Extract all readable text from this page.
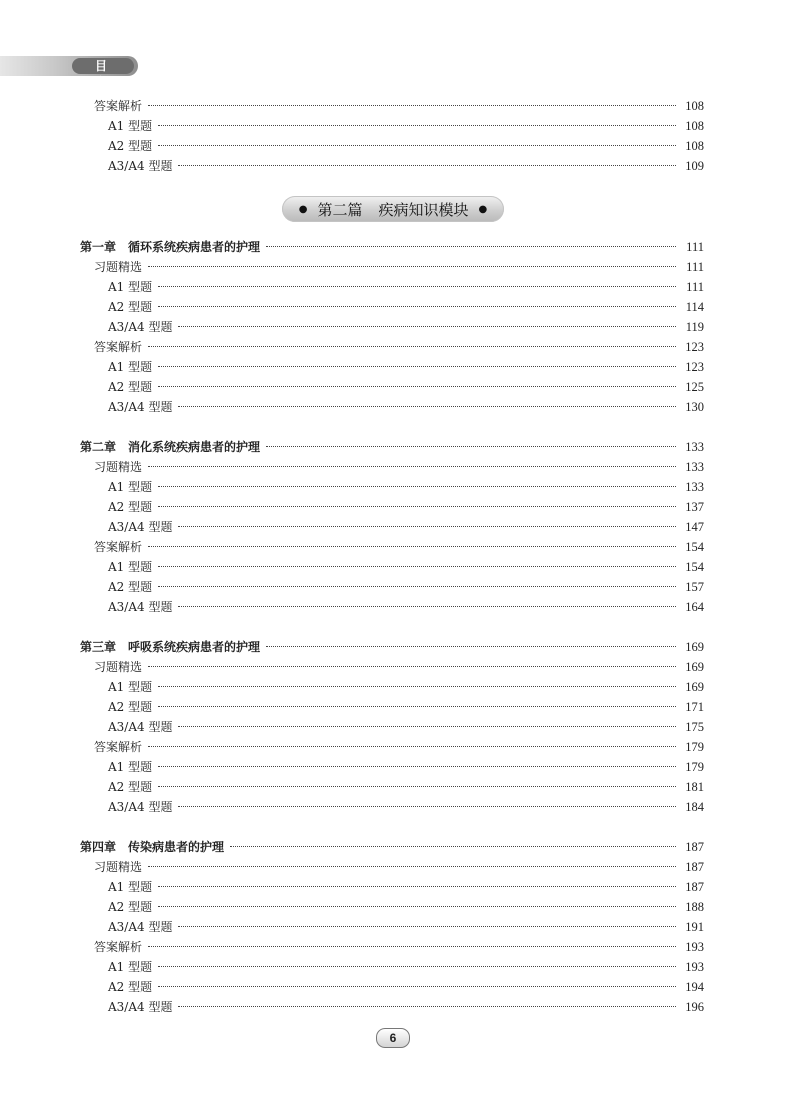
目 录
答案解析	108
A1 型题	108
A2 型题	108
A3/A4 型题	109
第一章　循环系统疾病患者的护理	111
习题精选	111
A1 型题	111
A2 型题	114
A3/A4 型题	119
答案解析	123
A1 型题	123
A2 型题	125
A3/A4 型题	130
第二章　消化系统疾病患者的护理	133
习题精选	133
A1 型题	133
A2 型题	137
A3/A4 型题	147
答案解析	154
A1 型题	154
A2 型题	157
A3/A4 型题	164
第三章　呼吸系统疾病患者的护理	169
习题精选	169
A1 型题	169
A2 型题	171
A3/A4 型题	175
答案解析	179
A1 型题	179
A2 型题	181
A3/A4 型题	184
第四章　传染病患者的护理	187
习题精选	187
A1 型题	187
A2 型题	188
A3/A4 型题	191
答案解析	193
A1 型题	193
A2 型题	194
A3/A4 型题	196
● 第二篇 疾病知识模块 ●
6
